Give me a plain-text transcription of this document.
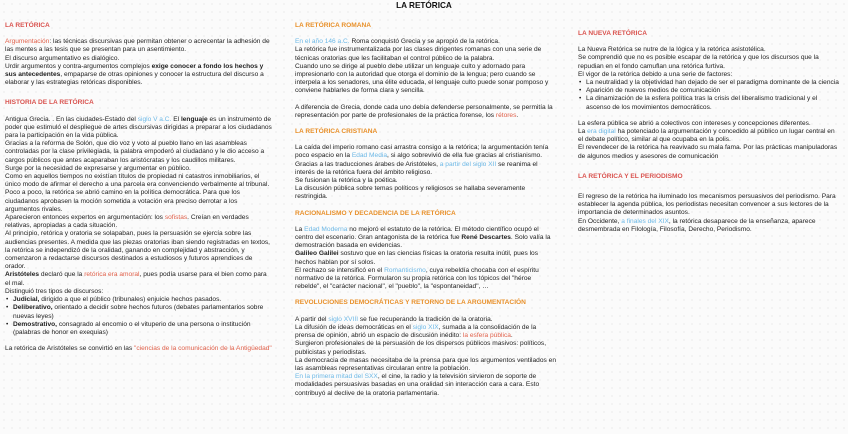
LA RETÓRICA

LA RETÓRICA

Argumentación: las técnicas discursivas que permitan obtener o acrecentar la adhesión de las mentes a las tesis que se presentan para un asentimiento.

El discurso argumentativo es dialógico.

Urdir argumentos y contra-argumentos complejos exige conocer a fondo los hechos y sus antecedentes, empaparse de otras opiniones y conocer la estructura del discurso a elaborar y las estrategias retóricas disponibles.

HISTORIA DE LA RETÓRICA

Antigua Grecia. . En las ciudades-Estado del siglo V a.C. El lenguaje es un instrumento de poder que estimuló el despliegue de artes discursivas dirigidas a preparar a los ciudadanos para la participación en la vida pública.

Gracias a la reforma de Solón, que dio voz y voto al pueblo llano en las asambleas controladas por la clase privilegiada, la palabra empoderó al ciudadano y le dio acceso a cargos públicos que antes acaparaban los aristócratas y los caudillos militares.

Surge por la necesidad de expresarse y argumentar en público.

Como en aquellos tiempos no existían títulos de propiedad ni catastros inmobiliarios, el único modo de afirmar el derecho a una parcela era convenciendo verbalmente al tribunal.

Poco a poco, la retórica se abrió camino en la política democrática. Para que los ciudadanos aprobasen la moción sometida a votación era preciso derrotar a los argumentos rivales.

Aparecieron entonces expertos en argumentación: los sofistas. Creían en verdades relativas, apropiadas a cada situación.

Al principio, retórica y oratoria se solapaban, pues la persuasión se ejercía sobre las audiencias presentes. A medida que las piezas oratorias iban siendo registradas en textos, la retórica se independizó de la oralidad, ganando en complejidad y abstracción, y comenzaron a redactarse discursos destinados a estudiosos y futuros aprendices de orador.

Aristóteles declaró que la retórica era amoral, pues podía usarse para el bien como para el mal.

Distinguió tres tipos de discursos:

• Judicial, dirigido a que el público (tribunales) enjuicie hechos pasados.
• Deliberativo, orientado a decidir sobre hechos futuros (debates parlamentarios sobre nuevas leyes)
• Demostrativo, consagrado al encomio o el vituperio de una persona o institución (palabras de honor en exequias)

La retórica de Aristóteles se convirtió en las "ciencias de la comunicación de la Antigüedad"

LA RETÓRICA ROMANA

En el año 146 a.C. Roma conquistó Grecia y se apropió de la retórica.

La retórica fue instrumentalizada por las clases dirigentes romanas con una serie de técnicas oratorias que les facilitaban el control público de la palabra.

Cuando uno se dirige al pueblo debe utilizar un lenguaje culto y adornado para impresionarlo con la autoridad que otorga el dominio de la lengua; pero cuando se interpela a los senadores, una élite educada, el lenguaje culto puede sonar pomposo y conviene hablarles de forma clara y sencilla.

A diferencia de Grecia, donde cada uno debía defenderse personalmente, se permitía la representación por parte de profesionales de la práctica forense, los rétores.

LA RETÓRICA CRISTIANA

La caída del imperio romano casi arrastra consigo a la retórica; la argumentación tenía poco espacio en la Edad Media, si algo sobrevivió de ella fue gracias al cristianismo.

Gracias a las traducciones árabes de Aristóteles, a partir del siglo XII se reanima el interés de la retórica fuera del ámbito religioso.

Se fusionan la retórica y la poética.

La discusión pública sobre temas políticos y religiosos se hallaba severamente restringida.

RACIONALISMO Y DECADENCIA DE LA RETÓRICA

La Edad Moderna no mejoró el estatuto de la retórica. El método científico ocupó el centro del escenario. Gran antagonista de la retórica fue René Descartes. Solo valía la demostración basada en evidencias.

Galileo Galilei sostuvo que en las ciencias físicas la oratoria resulta inútil, pues los hechos hablan por sí solos.

El rechazo se intensificó en el Romanticismo, cuya rebeldía chocaba con el espíritu normativo de la retórica. Formularon su propia retórica con los tópicos del "héroe rebelde", el "carácter nacional", el "pueblo", la "espontaneidad", …

REVOLUCIONES DEMOCRÁTICAS Y RETORNO DE LA ARGUMENTACIÓN

A partir del siglo XVIII se fue recuperando la tradición de la oratoria.

La difusión de ideas democráticas en el siglo XIX, sumada a la consolidación de la prensa de opinión, abrió un espacio de discusión inédito: la esfera pública.

Surgieron profesionales de la persuasión de los dispersos públicos masivos: políticos, publicistas y periodistas.

La democracia de masas necesitaba de la prensa para que los argumentos ventilados en las asambleas representativas circularan entre la población.

En la primera mitad del SXX, el cine, la radio y la televisión sirvieron de soporte de modalidades persuasivas basadas en una oralidad sin interacción cara a cara. Esto contribuyó al declive de la oratoria parlamentaria.

LA NUEVA RETÓRICA

La Nueva Retórica se nutre de la lógica y la retórica asistotélica.

Se comprendió que no es posible escapar de la retórica y que los discursos que la repudian en el fondo camuflan una retórica furtiva.

El vigor de la retórica debido a una serie de factores:

• La neutralidad y la objetividad han dejado de ser el paradigma dominante de la ciencia
• Aparición de nuevos medios de comunicación
• La dinamización de la esfera política tras la crisis del liberalismo tradicional y el ascenso de los movimientos democráticos.

La esfera pública se abrió a colectivos con intereses y concepciones diferentes.

La era digital ha potenciado la argumentación y concedido al público un lugar central en el debate político, similar al que ocupaba en la polis.

El revendecer de la retórica ha reavivado su mala fama. Por las prácticas manipuladoras de algunos medios y asesores de comunicación

LA RETÓRICA Y EL PERIODISMO

El regreso de la retórica ha iluminado los mecanismos persuasivos del periodismo. Para establecer la agenda pública, los periodistas necesitan convencer a sus lectores de la importancia de determinados asuntos.

En Occidente, a finales del XIX, la retórica desaparece de la enseñanza, aparece desmembrada en Filología, Filosofía, Derecho, Periodismo.
